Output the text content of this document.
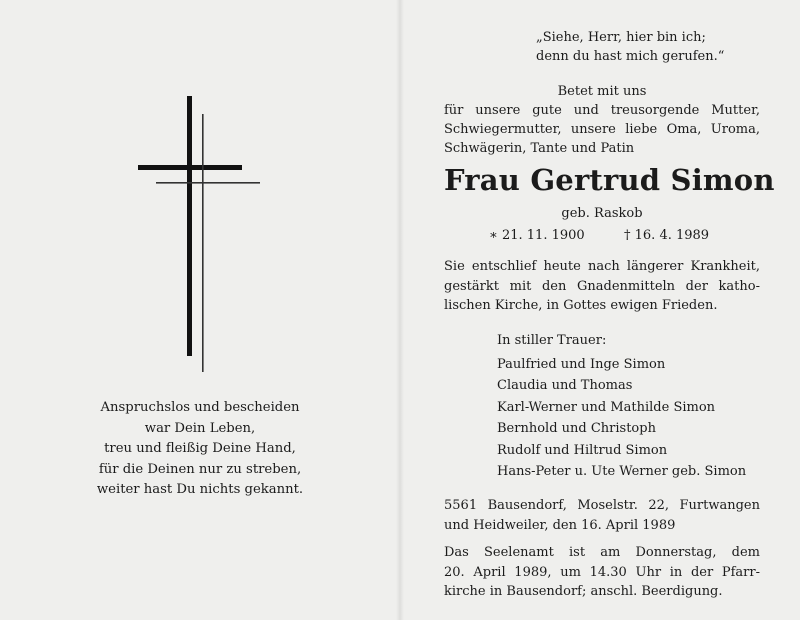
Anspruchslos und bescheiden
war Dein Leben,
treu und fleißig Deine Hand,
für die Deinen nur zu streben,
weiter hast Du nichts gekannt.
„Siehe, Herr, hier bin ich;
denn du hast mich gerufen.“
Betet mit uns
für unsere gute und treusorgende Mutter,
Schwiegermutter, unsere liebe Oma, Uroma,
Schwägerin, Tante und Patin
Frau Gertrud Simon
geb. Raskob
∗ 21. 11. 1900	† 16. 4. 1989
Sie entschlief heute nach längerer Krankheit,
gestärkt mit den Gnadenmitteln der katho-
lischen Kirche, in Gottes ewigen Frieden.
In stiller Trauer:
Paulfried und Inge Simon
Claudia und Thomas
Karl-Werner und Mathilde Simon
Bernhold und Christoph
Rudolf und Hiltrud Simon
Hans-Peter u. Ute Werner geb. Simon
5561 Bausendorf, Moselstr. 22, Furtwangen
und Heidweiler, den 16. April 1989
Das Seelenamt ist am Donnerstag, dem
20. April 1989, um 14.30 Uhr in der Pfarr-
kirche in Bausendorf; anschl. Beerdigung.
